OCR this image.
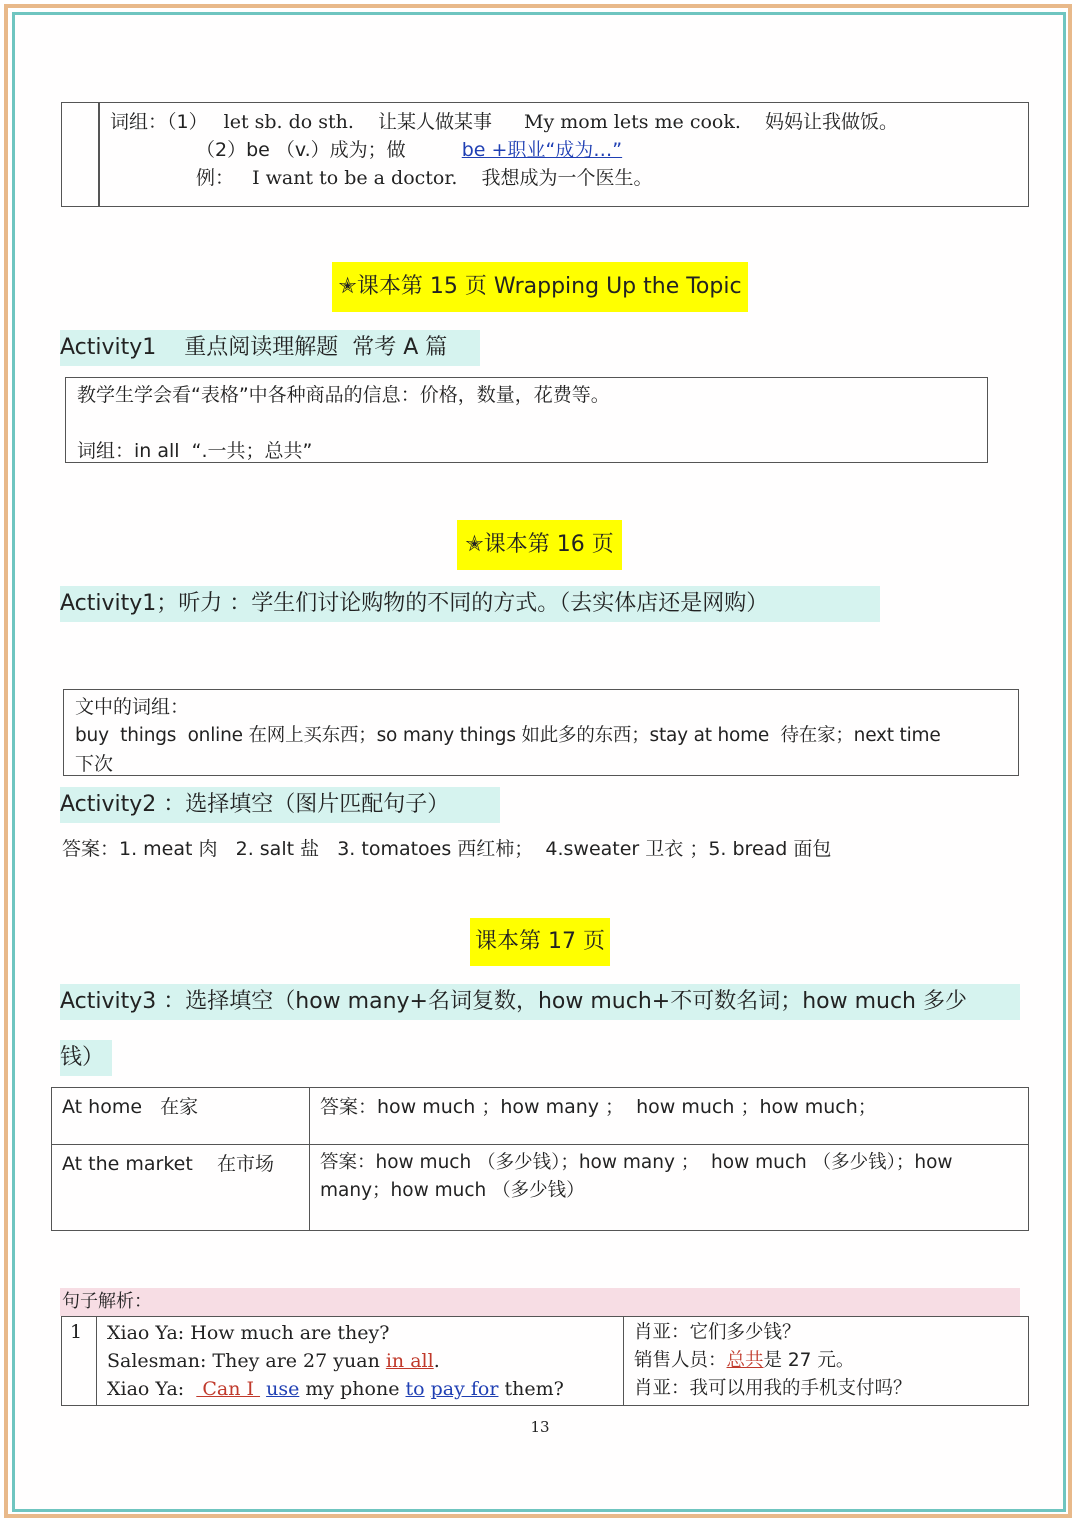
词组：（1） let sb. do sth. 让某人做某事 My mom lets me cook. 妈妈让我做饭。
（2）be （v.）成为；做	be +职业“成为…”
例： I want to be a doctor. 我想成为一个医生。
✭课本第 15 页 Wrapping Up the Topic
Activity1    重点阅读理解题  常考 A 篇
教学生学会看“表格”中各种商品的信息：价格，数量，花费等。
词组：in all  “.一共；总共”
✭课本第 16 页
Activity1；听力 ：学生们讨论购物的不同的方式。（去实体店还是网购）
文中的词组：
buy  things  online 在网上买东西；so many things 如此多的东西；stay at home  待在家；next time
下次
Activity2 ：选择填空（图片匹配句子）
答案：1. meat 肉   2. salt 盐   3. tomatoes 西红柿；  4.sweater 卫衣 ；5. bread 面包
课本第 17 页
Activity3 ：选择填空（how many+名词复数，how much+不可数名词；how much 多少
钱）
At home   在家	答案：how much ；how many ；  how much ；how much；
At the market    在市场	答案：how much （多少钱）；how many ；  how much （多少钱）；how many；how much （多少钱）
句子解析：
1	Xiao Ya: How much are they?
Salesman: They are 27 yuan in all.
Xiao Ya:   Can I  use my phone to pay for them?

肖亚：它们多少钱？
销售人员：总共是 27 元。
肖亚：我可以用我的手机支付吗？
13
